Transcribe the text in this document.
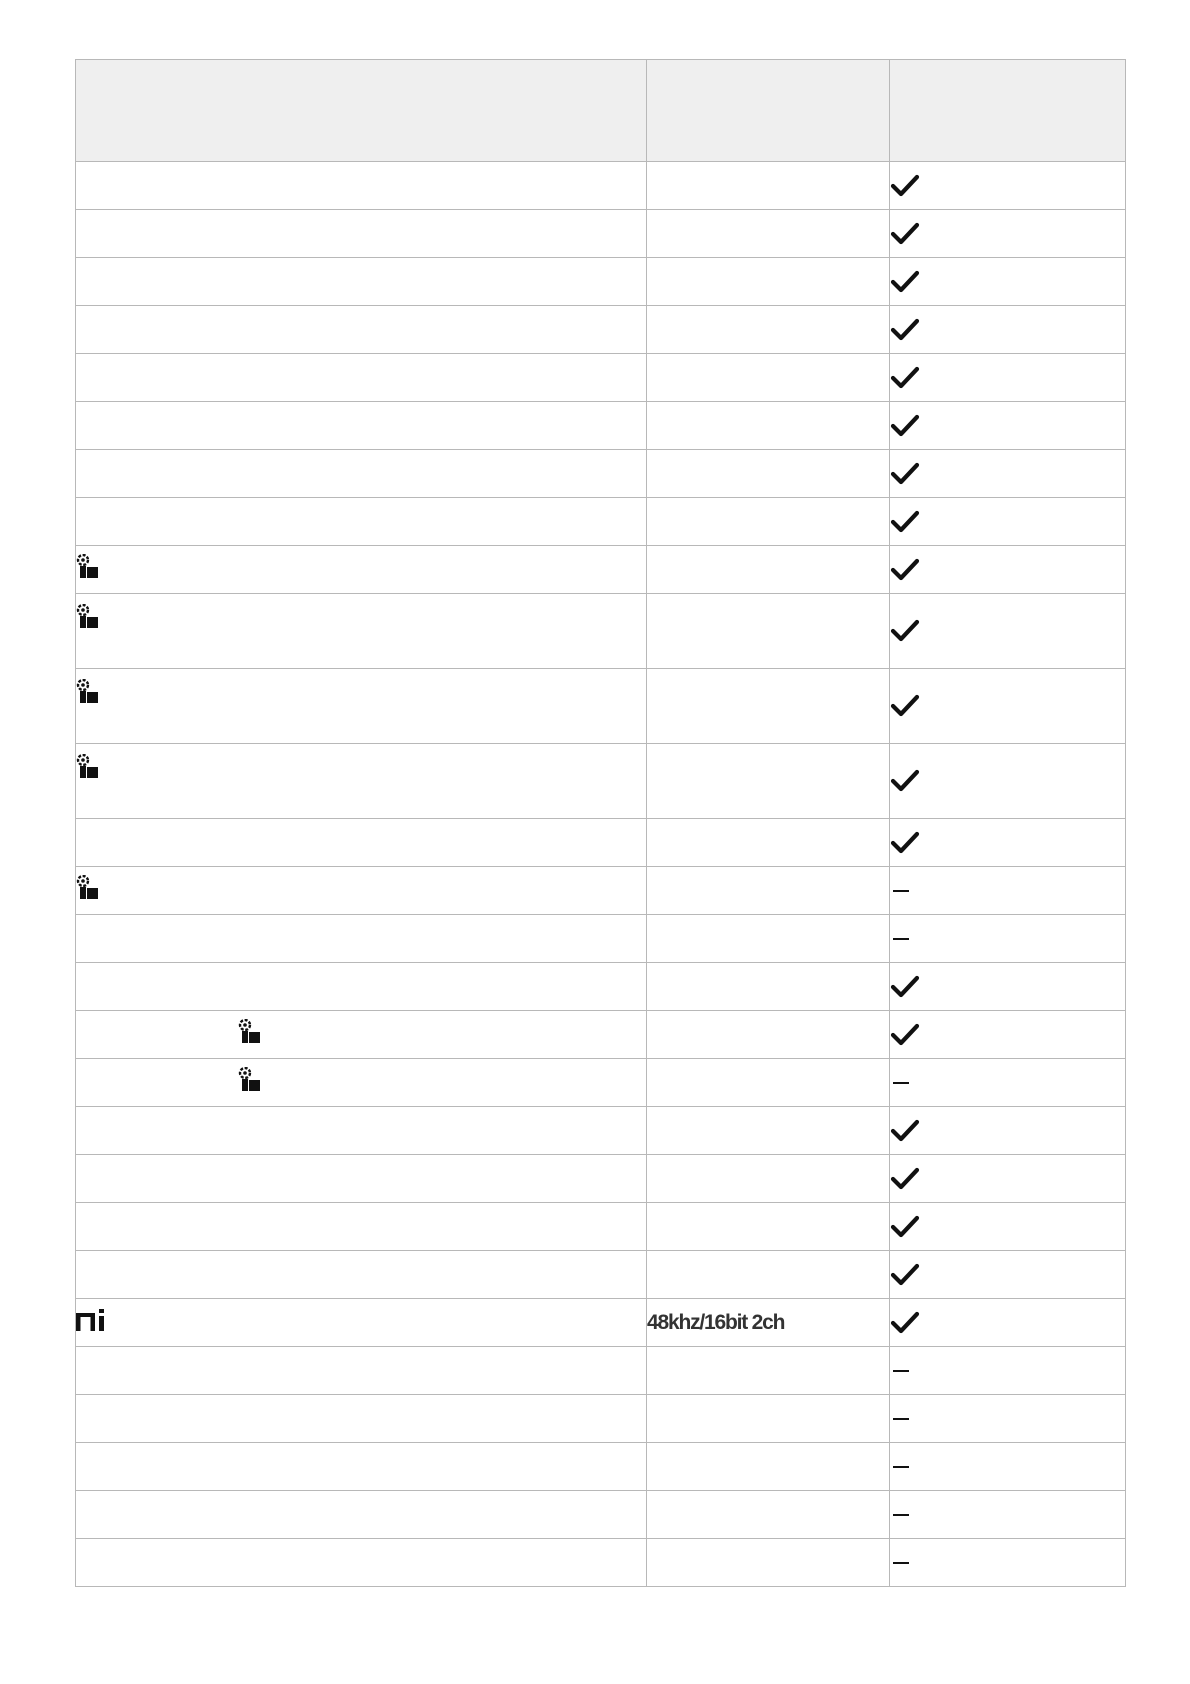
	48khz/16bit 2ch	
